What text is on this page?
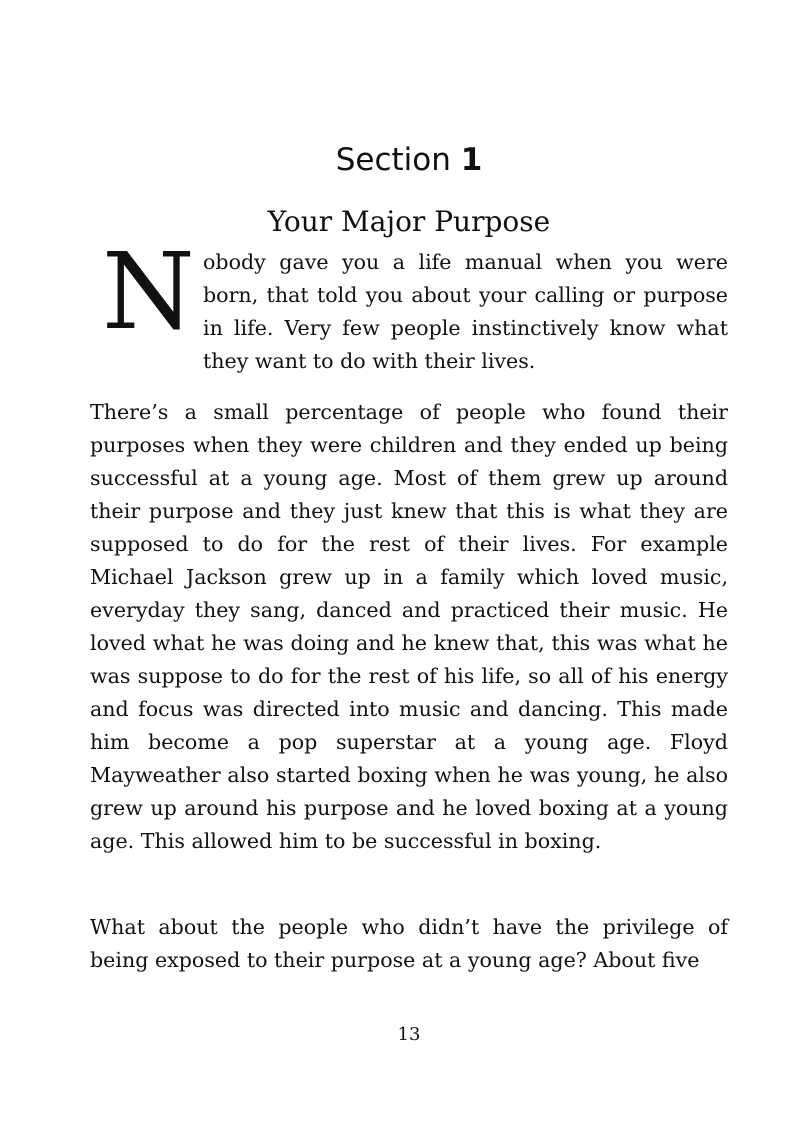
Section 1
Your Major Purpose
N obody gave you a life manual when you were born, that told you about your calling or purpose in life. Very few people instinctively know what they want to do with their lives.

There’s a small percentage of people who found their purposes when they were children and they ended up being successful at a young age. Most of them grew up around their purpose and they just knew that this is what they are supposed to do for the rest of their lives. For example Michael Jackson grew up in a family which loved music, everyday they sang, danced and practiced their music. He loved what he was doing and he knew that, this was what he was suppose to do for the rest of his life, so all of his energy and focus was directed into music and dancing. This made him become a pop superstar at a young age. Floyd Mayweather also started boxing when he was young, he also grew up around his purpose and he loved boxing at a young age. This allowed him to be successful in boxing.

What about the people who didn’t have the privilege of being exposed to their purpose at a young age? About five

13
